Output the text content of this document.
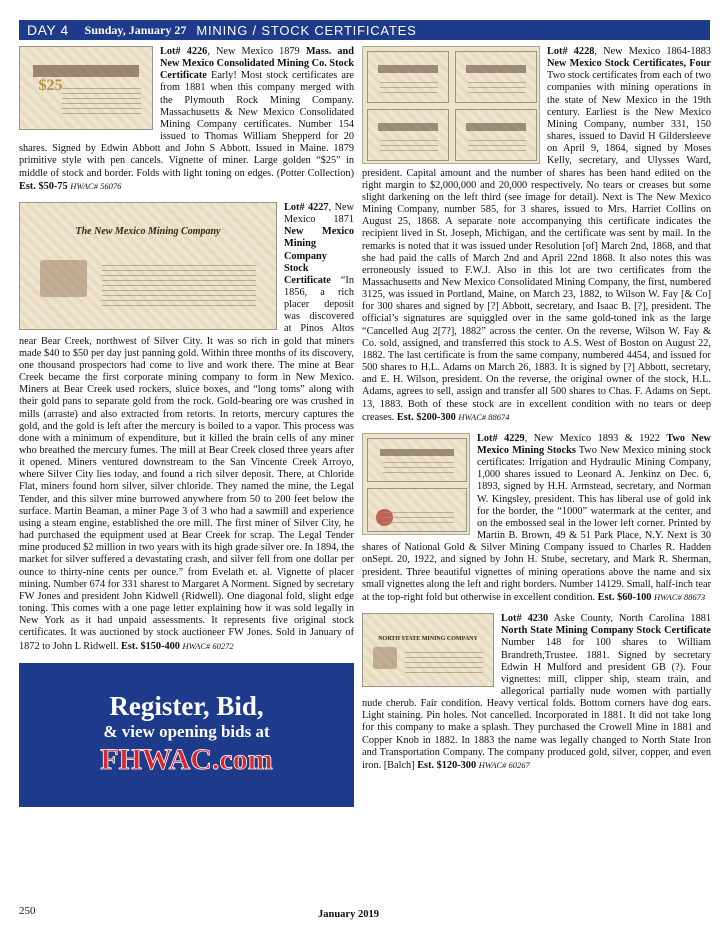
DAY 4 Sunday, January 27 MINING / STOCK CERTIFICATES
$25

Lot# 4226, New Mexico 1879 Mass. and New Mexico Consolidated Mining Co. Stock Certificate Early! Most stock certificates are from 1881 when this company merged with the Plymouth Rock Mining Company. Massachusetts & New Mexico Consolidated Mining Company certificates. Number 154 issued to Thomas William Shepperd for 20 shares. Signed by Edwin Abbott and John S Abbott. Issued in Maine. 1879 primitive style with pen cancels. Vignette of miner. Large golden “$25” in middle of stock and border. Folds with light toning on edges. (Potter Collection) Est. $50-75 HWAC# 56076

The New Mexico Mining Company

Lot# 4227, New Mexico 1871 New Mexico Mining Company Stock Certificate “In 1856, a rich placer deposit was discovered at Pinos Altos near Bear Creek, northwest of Silver City. It was so rich in gold that miners made $40 to $50 per day just panning gold. Within three months of its discovery, one thousand prospectors had come to live and work there. The mine at Bear Creek became the first corporate mining company to form in New Mexico. Miners at Bear Creek used rockers, sluice boxes, and “long toms” along with their gold pans to separate gold from the rock. Gold-bearing ore was crushed in mills (arraste) and also extracted from retorts. In retorts, mercury captures the gold, and the gold is left after the mercury is boiled to a vapor. This process was done with a minimum of expenditure, but it killed the brain cells of any miner who breathed the mercury fumes. The mill at Bear Creek closed three years after it opened. Miners ventured downstream to the San Vincente Creek Arroyo, where Silver City lies today, and found a rich silver deposit. There, at Chloride Flat, miners found horn silver, silver chloride. They named the mine, the Legal Tender, and this silver mine burrowed anywhere from 50 to 200 feet below the surface. Martin Beaman, a miner Page 3 of 3 who had a sawmill and experience using a steam engine, established the ore mill. The first miner of Silver City, he had purchased the equipment used at Bear Creek for scrap. The Legal Tender mine produced $2 million in two years with its high grade silver ore. In 1894, the market for silver suffered a devastating crash, and silver fell from one dollar per ounce to thirty-nine cents per ounce.” from Evelath et. al. Vignette of placer mining. Number 674 for 331 sharest to Margaret A Norment. Signed by secretary FW Jones and president John Kidwell (Ridwell). One diagonal fold, slight edge toning. This comes with a one page letter explaining how it was sold legally in New York as it had unpaid assessments. It represents five original stock certificates. It was auctioned by stock auctioneer FW Jones. Sold in January of 1872 to John L Ridwell. Est. $150-400 HWAC# 60272

Register, Bid,
& view opening bids at
FHWAC.com

Lot# 4228, New Mexico 1864-1883 New Mexico Stock Certificates, Four Two stock certificates from each of two companies with mining operations in the state of New Mexico in the 19th century. Earliest is the New Mexico Mining Company, number 331, 150 shares, issued to David H Gildersleeve on April 9, 1864, signed by Moses Kelly, secretary, and Ulysses Ward, president. Capital amount and the number of shares has been hand edited on the right margin to $2,000,000 and 20,000 respectively. No tears or creases but some slight darkening on the left third (see image for detail). Next is The New Mexico Mining Company, number 585, for 3 shares, issued to Mrs. Harriet Collins on August 25, 1868. A separate note accompanying this certificate indicates the recipient lived in St. Joseph, Michigan, and the certificate was sent by mail. In the remarks is noted that it was issued under Resolution [of] March 2nd, 1868, and that she had paid the calls of March 2nd and April 22nd 1868. It also notes this was erroneously issued to F.W.J. Also in this lot are two certificates from the Massachusetts and New Mexico Consolidated Mining Company, the first, numbered 3125, was issued in Portland, Maine, on March 23, 1882, to Wilson W. Fay [& Co] for 300 shares and signed by [?] Abbott, secretary, and Isaac B. [?], president. The official’s signatures are squiggled over in the same gold-toned ink as the large “Cancelled Aug 2[7?], 1882” across the center. On the reverse, Wilson W. Fay & Co. sold, assigned, and transferred this stock to A.S. West of Boston on August 22, 1882. The last certificate is from the same company, numbered 4454, and issued for 500 shares to H.L. Adams on March 26, 1883. It is signed by [?] Abbott, secretary, and E. H. Wilson, president. On the reverse, the original owner of the stock, H.L. Adams, agrees to sell, assign and transfer all 500 shares to Chas. F. Adams on Sept. 13, 1883. Both of these stock are in excellent condition with no tears or deep creases. Est. $200-300 HWAC# 88674

Lot# 4229, New Mexico 1893 & 1922 Two New Mexico Mining Stocks Two New Mexico mining stock certificates: Irrigation and Hydraulic Mining Company, 1,000 shares issued to Leonard A. Jenkinz on Dec. 6, 1893, signed by H.H. Armstead, secretary, and Norman W. Kingsley, president. This has liberal use of gold ink for the border, the “1000” watermark at the center, and on the embossed seal in the lower left corner. Printed by Martin B. Brown, 49 & 51 Park Place, N.Y. Next is 30 shares of National Gold & Silver Mining Company issued to Charles R. Hadden onSept. 20, 1922, and signed by John H. Stube, secretary, and Mark R. Sherman, president. Three beautiful vignettes of mining operations above the name and six small vignettes along the left and right borders. Number 14129. Small, half-inch tear at the top-right fold but otherwise in excellent condition. Est. $60-100 HWAC# 88673

NORTH STATE MINING COMPANY

Lot# 4230 Aske County, North Carolina 1881 North State Mining Company Stock Certificate Number 148 for 100 shares to William Brandreth,Trustee. 1881. Signed by secretary Edwin H Mulford and president GB (?). Four vignettes: mill, clipper ship, steam train, and allegorical partially nude women with partially nude cherub. Fair condition. Heavy vertical folds. Bottom corners have dog ears. Light staining. Pin holes. Not cancelled. Incorporated in 1881. It did not take long for this company to make a splash. They purchased the Crowell Mine in 1881 and Copper Knob in 1882. In 1883 the name was legally changed to North State Iron and Transportation Company. The company produced gold, silver, copper, and even iron. [Balch] Est. $120-300 HWAC# 60267

250	January 2019
